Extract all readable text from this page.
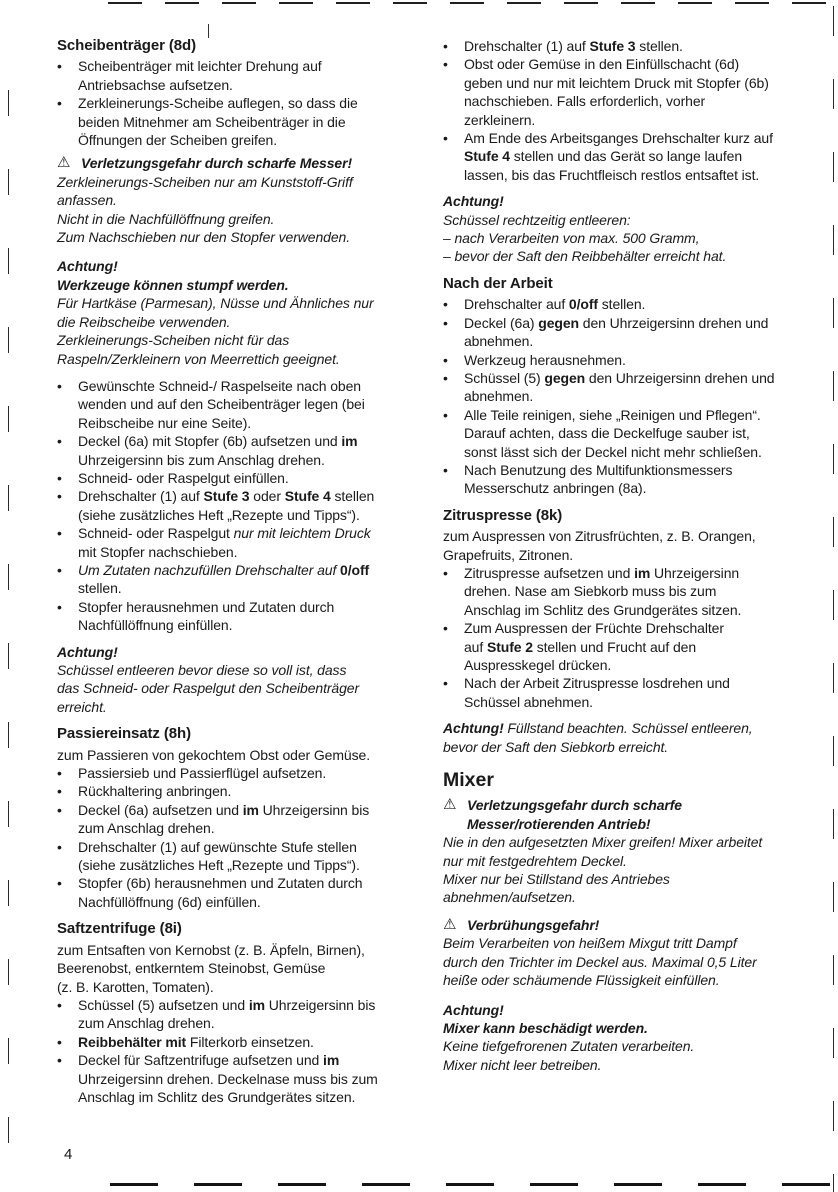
Scheibenträger (8d)
•	Scheibenträger mit leichter Drehung auf
Antriebsachse aufsetzen.
•	Zerkleinerungs-Scheibe auflegen, so dass die
beiden Mitnehmer am Scheibenträger in die
Öffnungen der Scheiben greifen.
⚠ Verletzungsgefahr durch scharfe Messer!
Zerkleinerungs-Scheiben nur am Kunststoff-Griff
anfassen.
Nicht in die Nachfüllöffnung greifen.
Zum Nachschieben nur den Stopfer verwenden.
Achtung!
Werkzeuge können stumpf werden.
Für Hartkäse (Parmesan), Nüsse und Ähnliches nur
die Reibscheibe verwenden.
Zerkleinerungs-Scheiben nicht für das
Raspeln/Zerkleinern von Meerrettich geeignet.
•	Gewünschte Schneid-/ Raspelseite nach oben
wenden und auf den Scheibenträger legen (bei
Reibscheibe nur eine Seite).
•	Deckel (6a) mit Stopfer (6b) aufsetzen und im
Uhrzeigersinn bis zum Anschlag drehen.
•	Schneid- oder Raspelgut einfüllen.
•	Drehschalter (1) auf Stufe 3 oder Stufe 4 stellen
(siehe zusätzliches Heft „Rezepte und Tipps“).
•	Schneid- oder Raspelgut nur mit leichtem Druck
mit Stopfer nachschieben.
•	Um Zutaten nachzufüllen Drehschalter auf 0/off
stellen.
•	Stopfer herausnehmen und Zutaten durch
Nachfüllöffnung einfüllen.
Achtung!
Schüssel entleeren bevor diese so voll ist, dass
das Schneid- oder Raspelgut den Scheibenträger
erreicht.
Passiereinsatz (8h)
zum Passieren von gekochtem Obst oder Gemüse.
•	Passiersieb und Passierflügel aufsetzen.
•	Rückhaltering anbringen.
•	Deckel (6a) aufsetzen und im Uhrzeigersinn bis
zum Anschlag drehen.
•	Drehschalter (1) auf gewünschte Stufe stellen
(siehe zusätzliches Heft „Rezepte und Tipps“).
•	Stopfer (6b) herausnehmen und Zutaten durch
Nachfüllöffnung (6d) einfüllen.
Saftzentrifuge (8i)
zum Entsaften von Kernobst (z. B. Äpfeln, Birnen),
Beerenobst, entkerntem Steinobst, Gemüse
(z. B. Karotten, Tomaten).
•	Schüssel (5) aufsetzen und im Uhrzeigersinn bis
zum Anschlag drehen.
•	Reibbehälter mit Filterkorb einsetzen.
•	Deckel für Saftzentrifuge aufsetzen und im
Uhrzeigersinn drehen. Deckelnase muss bis zum
Anschlag im Schlitz des Grundgerätes sitzen.
•	Drehschalter (1) auf Stufe 3 stellen.
•	Obst oder Gemüse in den Einfüllschacht (6d)
geben und nur mit leichtem Druck mit Stopfer (6b)
nachschieben. Falls erforderlich, vorher
zerkleinern.
•	Am Ende des Arbeitsganges Drehschalter kurz auf
Stufe 4 stellen und das Gerät so lange laufen
lassen, bis das Fruchtfleisch restlos entsaftet ist.
Achtung!
Schüssel rechtzeitig entleeren:
– nach Verarbeiten von max. 500 Gramm,
– bevor der Saft den Reibbehälter erreicht hat.
Nach der Arbeit
•	Drehschalter auf 0/off stellen.
•	Deckel (6a) gegen den Uhrzeigersinn drehen und
abnehmen.
•	Werkzeug herausnehmen.
•	Schüssel (5) gegen den Uhrzeigersinn drehen und
abnehmen.
•	Alle Teile reinigen, siehe „Reinigen und Pflegen“.
Darauf achten, dass die Deckelfuge sauber ist,
sonst lässt sich der Deckel nicht mehr schließen.
•	Nach Benutzung des Multifunktionsmessers
Messerschutz anbringen (8a).
Zitruspresse (8k)
zum Auspressen von Zitrusfrüchten, z. B. Orangen,
Grapefruits, Zitronen.
•	Zitruspresse aufsetzen und im Uhrzeigersinn
drehen. Nase am Siebkorb muss bis zum
Anschlag im Schlitz des Grundgerätes sitzen.
•	Zum Auspressen der Früchte Drehschalter
auf Stufe 2 stellen und Frucht auf den
Auspresskegel drücken.
•	Nach der Arbeit Zitruspresse losdrehen und
Schüssel abnehmen.
Achtung! Füllstand beachten. Schüssel entleeren,
bevor der Saft den Siebkorb erreicht.
Mixer
⚠ Verletzungsgefahr durch scharfe
Messer/rotierenden Antrieb!
Nie in den aufgesetzten Mixer greifen! Mixer arbeitet
nur mit festgedrehtem Deckel.
Mixer nur bei Stillstand des Antriebes
abnehmen/aufsetzen.
⚠ Verbrühungsgefahr!
Beim Verarbeiten von heißem Mixgut tritt Dampf
durch den Trichter im Deckel aus. Maximal 0,5 Liter
heiße oder schäumende Flüssigkeit einfüllen.
Achtung!
Mixer kann beschädigt werden.
Keine tiefgefrorenen Zutaten verarbeiten.
Mixer nicht leer betreiben.
4
